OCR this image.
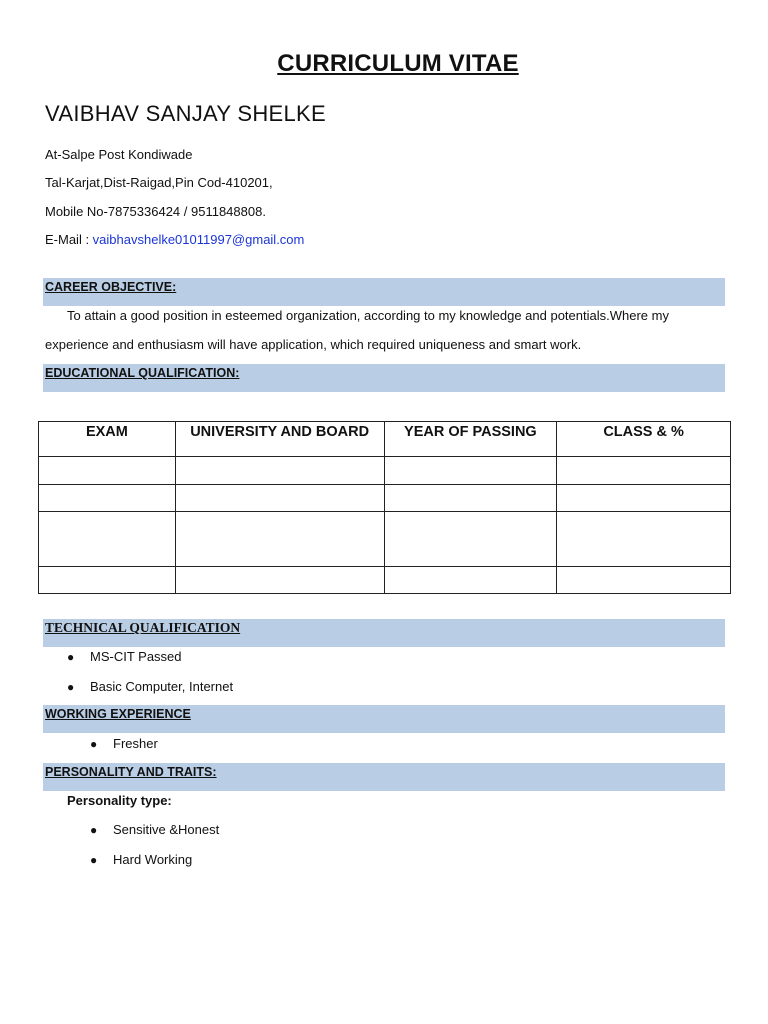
CURRICULUM VITAE
VAIBHAV SANJAY SHELKE
At-Salpe Post Kondiwade
Tal-Karjat,Dist-Raigad,Pin Cod-410201,
Mobile No-7875336424 / 9511848808.
E-Mail : vaibhavshelke01011997@gmail.com
CAREER OBJECTIVE:
To attain a good position in esteemed organization, according to my knowledge and potentials.Where my
experience and enthusiasm will have application, which required uniqueness and smart work.
EDUCATIONAL QUALIFICATION:
EXAM	UNIVERSITY AND BOARD	YEAR OF PASSING	CLASS & %

TECHNICAL QUALIFICATION
● MS-CIT Passed
● Basic Computer, Internet
WORKING EXPERIENCE
● Fresher
PERSONALITY AND TRAITS:
Personality type:
● Sensitive &Honest
● Hard Working
